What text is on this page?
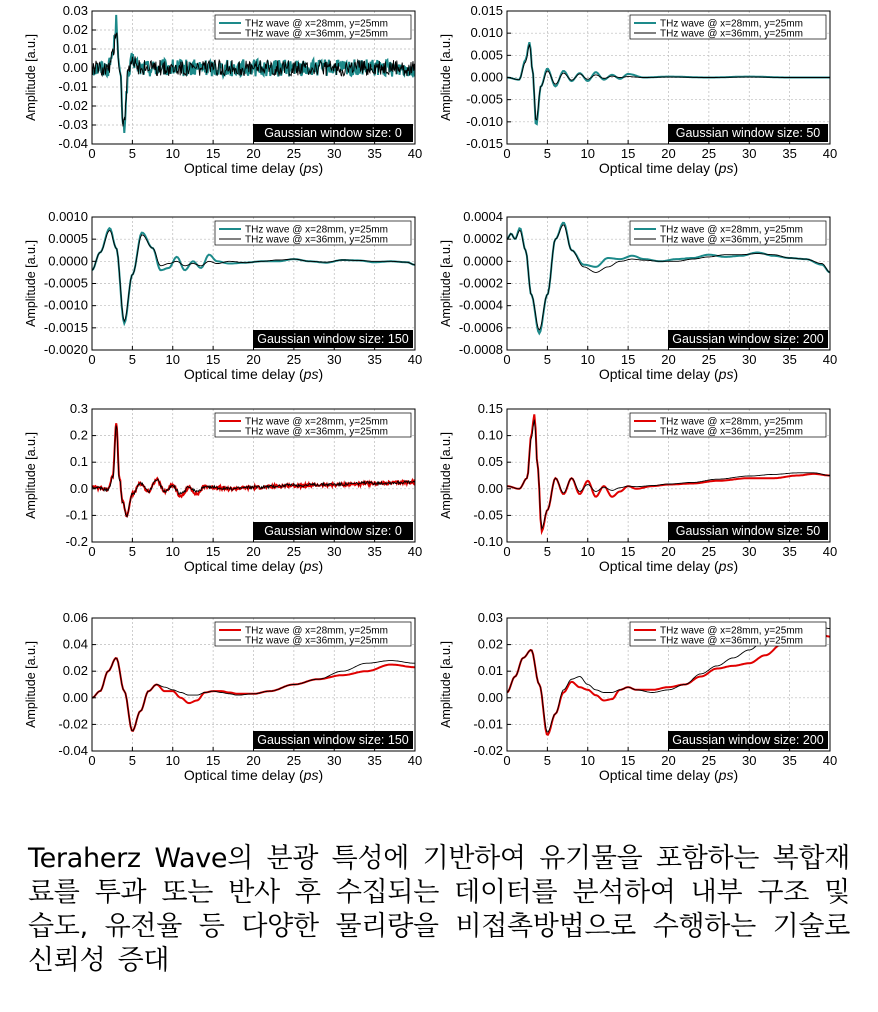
0	5 10 15 20 25 30 35 40
0.03
0.02
0.01
0.00
-0.01
-0.02
-0.03
-0.04
Optical time delay (ps)
Amplitude [a.u.]
THz wave @ x=28mm, y=25mm
THz wave @ x=36mm, y=25mm
Gaussian window size: 0
0	5 10 15 20 25 30 35 40
0.015
0.010
0.005
0.000
-0.005
-0.010
-0.015
Optical time delay (ps)
Amplitude [a.u.]
THz wave @ x=28mm, y=25mm
THz wave @ x=36mm, y=25mm
Gaussian window size: 50
0	5 10 15 20 25 30 35 40
0.0010
0.0005
0.0000
-0.0005
-0.0010
-0.0015
-0.0020
Optical time delay (ps)
Amplitude [a.u.]
THz wave @ x=28mm, y=25mm
THz wave @ x=36mm, y=25mm
Gaussian window size: 150
0	5 10 15 20 25 30 35 40
0.0004
0.0002
0.0000
-0.0002
-0.0004
-0.0006
-0.0008
Optical time delay (ps)
Amplitude [a.u.]
THz wave @ x=28mm, y=25mm
THz wave @ x=36mm, y=25mm
Gaussian window size: 200
0	5 10 15 20 25 30 35 40
0.3
0.2
0.1
0.0
-0.1
-0.2
Optical time delay (ps)
Amplitude [a.u.]
THz wave @ x=28mm, y=25mm
THz wave @ x=36mm, y=25mm
Gaussian window size: 0
0	5 10 15 20 25 30 35 40
0.15
0.10
0.05
0.00
-0.05
-0.10
Optical time delay (ps)
Amplitude [a.u.]
THz wave @ x=28mm, y=25mm
THz wave @ x=36mm, y=25mm
Gaussian window size: 50
0	5 10 15 20 25 30 35 40
0.06
0.04
0.02
0.00
-0.02
-0.04
Optical time delay (ps)
Amplitude [a.u.]
THz wave @ x=28mm, y=25mm
THz wave @ x=36mm, y=25mm
Gaussian window size: 150
0	5 10 15 20 25 30 35 40
0.03
0.02
0.01
0.00
-0.01
-0.02
Optical time delay (ps)
Amplitude [a.u.]
THz wave @ x=28mm, y=25mm
THz wave @ x=36mm, y=25mm
Gaussian window size: 200
Teraherz Wave의 분광 특성에 기반하여 유기물을 포함하는 복합재료를 투과 또는 반사 후 수집되는 데이터를 분석하여 내부 구조 및 습도, 유전율 등 다양한 물리량을 비접촉방법으로 수행하는 기술로 신뢰성 증대
